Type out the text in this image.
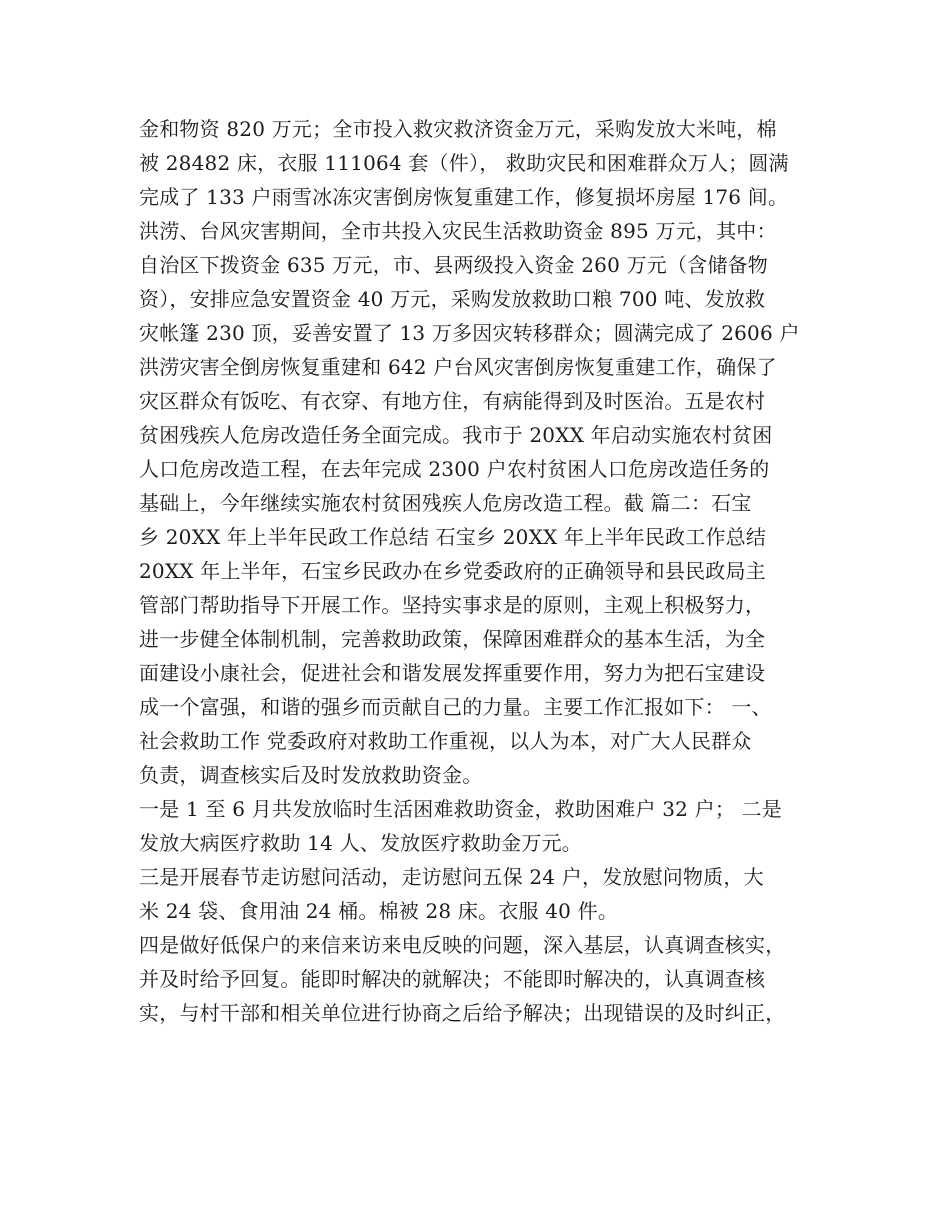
金和物资 820 万元；全市投入救灾救济资金万元，采购发放大米吨，棉
被 28482 床，衣服 111064 套（件）， 救助灾民和困难群众万人；圆满
完成了 133 户雨雪冰冻灾害倒房恢复重建工作，修复损坏房屋 176 间。
洪涝、台风灾害期间，全市共投入灾民生活救助资金 895 万元，其中：
自治区下拨资金 635 万元，市、县两级投入资金 260 万元（含储备物
资），安排应急安置资金 40 万元，采购发放救助口粮 700 吨、发放救
灾帐篷 230 顶，妥善安置了 13 万多因灾转移群众；圆满完成了 2606 户
洪涝灾害全倒房恢复重建和 642 户台风灾害倒房恢复重建工作，确保了
灾区群众有饭吃、有衣穿、有地方住，有病能得到及时医治。五是农村
贫困残疾人危房改造任务全面完成。我市于 20XX 年启动实施农村贫困
人口危房改造工程，在去年完成 2300 户农村贫困人口危房改造任务的
基础上，今年继续实施农村贫困残疾人危房改造工程。截 篇二：石宝
乡 20XX 年上半年民政工作总结 石宝乡 20XX 年上半年民政工作总结
20XX 年上半年，石宝乡民政办在乡党委政府的正确领导和县民政局主
管部门帮助指导下开展工作。坚持实事求是的原则，主观上积极努力，
进一步健全体制机制，完善救助政策，保障困难群众的基本生活，为全
面建设小康社会，促进社会和谐发展发挥重要作用，努力为把石宝建设
成一个富强，和谐的强乡而贡献自己的力量。主要工作汇报如下： 一、
社会救助工作 党委政府对救助工作重视，以人为本，对广大人民群众
负责，调查核实后及时发放救助资金。
一是 1 至 6 月共发放临时生活困难救助资金，救助困难户 32 户； 二是
发放大病医疗救助 14 人、发放医疗救助金万元。
三是开展春节走访慰问活动，走访慰问五保 24 户，发放慰问物质，大
米 24 袋、食用油 24 桶。棉被 28 床。衣服 40 件。
四是做好低保户的来信来访来电反映的问题，深入基层，认真调查核实，
并及时给予回复。能即时解决的就解决；不能即时解决的，认真调查核
实，与村干部和相关单位进行协商之后给予解决；出现错误的及时纠正，
